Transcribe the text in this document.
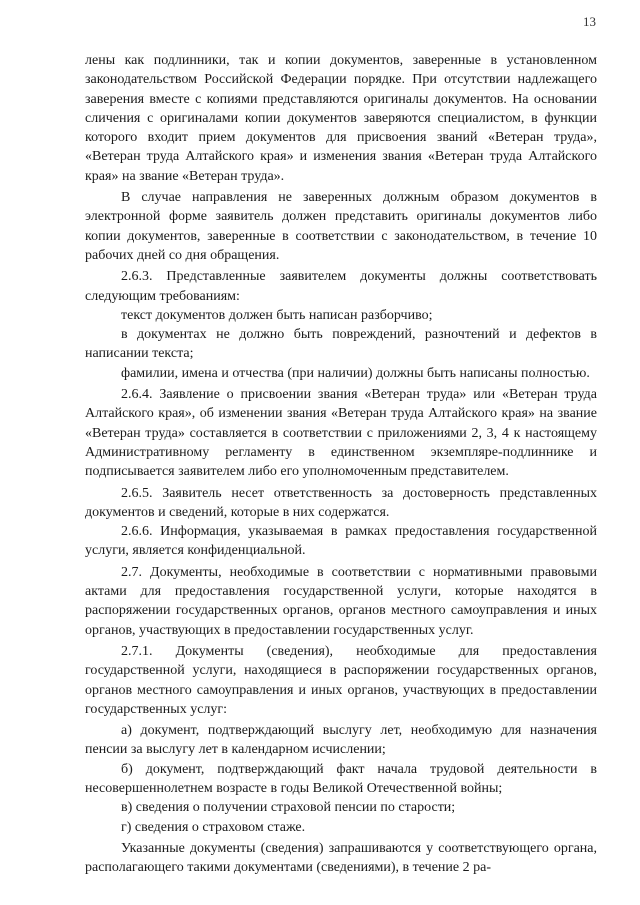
13

лены как подлинники, так и копии документов, заверенные в установленном законодательством Российской Федерации порядке. При отсутствии надлежащего заверения вместе с копиями представляются оригиналы документов. На основании сличения с оригиналами копии документов заверяются специалистом, в функции которого входит прием документов для присвоения званий «Ветеран труда», «Ветеран труда Алтайского края» и изменения звания «Ветеран труда Алтайского края» на звание «Ветеран труда».

В случае направления не заверенных должным образом документов в электронной форме заявитель должен представить оригиналы документов либо копии документов, заверенные в соответствии с законодательством, в течение 10 рабочих дней со дня обращения.

2.6.3. Представленные заявителем документы должны соответствовать следующим требованиям:

текст документов должен быть написан разборчиво;

в документах не должно быть повреждений, разночтений и дефектов в написании текста;

фамилии, имена и отчества (при наличии) должны быть написаны полностью.

2.6.4. Заявление о присвоении звания «Ветеран труда» или «Ветеран труда Алтайского края», об изменении звания «Ветеран труда Алтайского края» на звание «Ветеран труда» составляется в соответствии с приложениями 2, 3, 4 к настоящему Административному регламенту в единственном экземпляре-подлиннике и подписывается заявителем либо его уполномоченным представителем.

2.6.5. Заявитель несет ответственность за достоверность представленных документов и сведений, которые в них содержатся.

2.6.6. Информация, указываемая в рамках предоставления государственной услуги, является конфиденциальной.

2.7. Документы, необходимые в соответствии с нормативными правовыми актами для предоставления государственной услуги, которые находятся в распоряжении государственных органов, органов местного самоуправления и иных органов, участвующих в предоставлении государственных услуг.

2.7.1. Документы (сведения), необходимые для предоставления государственной услуги, находящиеся в распоряжении государственных органов, органов местного самоуправления и иных органов, участвующих в предоставлении государственных услуг:

а) документ, подтверждающий выслугу лет, необходимую для назначения пенсии за выслугу лет в календарном исчислении;

б) документ, подтверждающий факт начала трудовой деятельности в несовершеннолетнем возрасте в годы Великой Отечественной войны;

в) сведения о получении страховой пенсии по старости;

г) сведения о страховом стаже.

Указанные документы (сведения) запрашиваются у соответствующего органа, располагающего такими документами (сведениями), в течение 2 ра-
